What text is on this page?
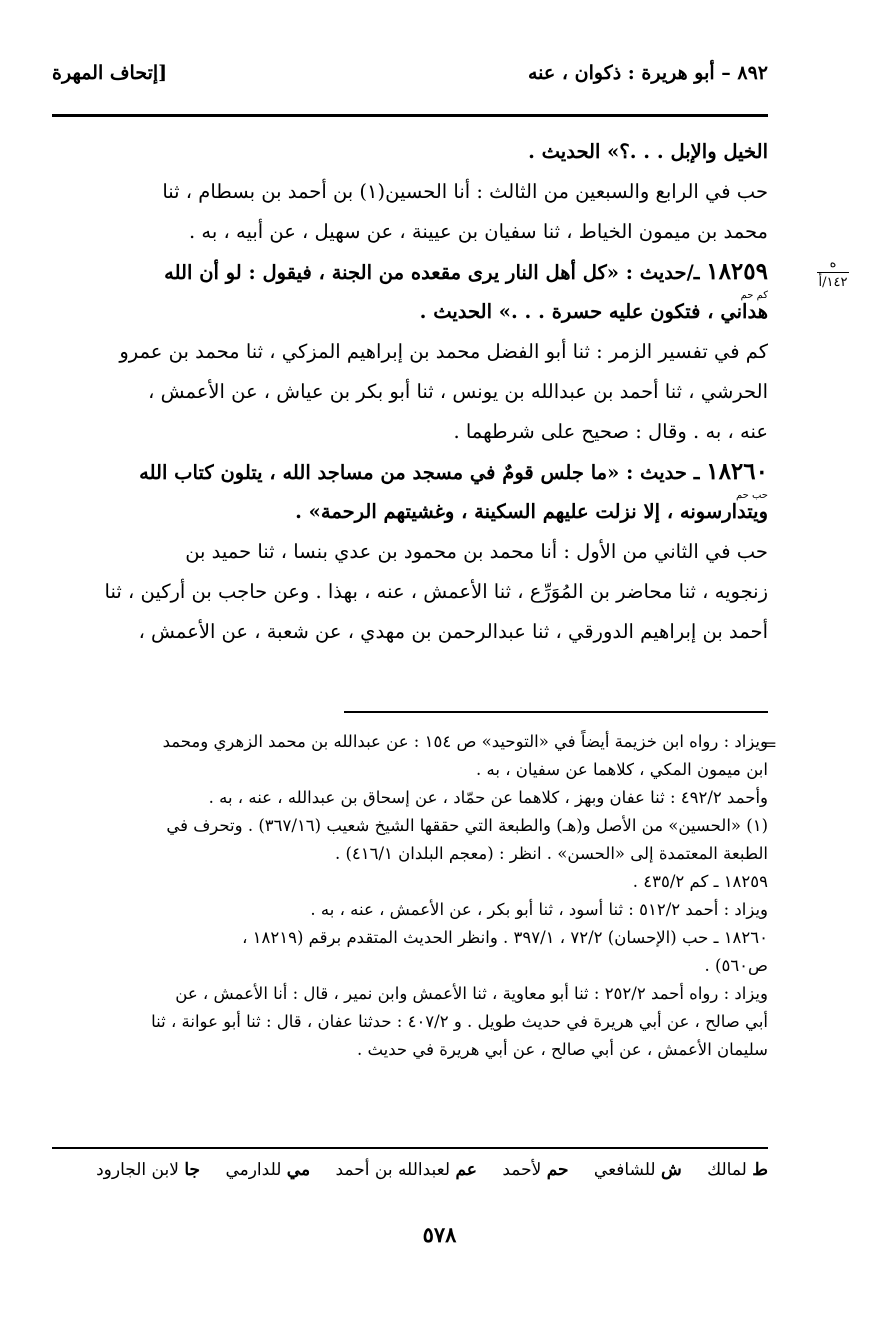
٨٩٢ – أبو هريرة : ذكوان ، عنه
[إتحاف المهرة
ه
١٤٢/أ
الخيل والإبل . . .؟» الحديث .
حب في الرابع والسبعين من الثالث : أنا الحسين(١) بن أحمد بن بسطام ، ثنا
محمد بن ميمون الخياط ، ثنا سفيان بن عيينة ، عن سهيل ، عن أبيه ، به .
١٨٢٥٩ ـ/حديث : «كل أهل النار يرى مقعده من الجنة ، فيقول : لو أن الله
كم حم
هداني ، فتكون عليه حسرة . . .» الحديث .
كم في تفسير الزمر : ثنا أبو الفضل محمد بن إبراهيم المزكي ، ثنا محمد بن عمرو
الحرشي ، ثنا أحمد بن عبدالله بن يونس ، ثنا أبو بكر بن عياش ، عن الأعمش ،
عنه ، به . وقال : صحيح على شرطهما .
١٨٢٦٠ ـ حديث : «ما جلس قومٌ في مسجد من مساجد الله ، يتلون كتاب الله
حب حم
ويتدارسونه ، إلا نزلت عليهم السكينة ، وغشيتهم الرحمة» .
حب في الثاني من الأول : أنا محمد بن محمود بن عدي بنسا ، ثنا حميد بن
زنجويه ، ثنا محاضر بن المُوَرِّع ، ثنا الأعمش ، عنه ، بهذا . وعن حاجب بن أركين ، ثنا
أحمد بن إبراهيم الدورقي ، ثنا عبدالرحمن بن مهدي ، عن شعبة ، عن الأعمش ،
=
ويزاد : رواه ابن خزيمة أيضاً في «التوحيد» ص ١٥٤ : عن عبدالله بن محمد الزهري ومحمد
ابن ميمون المكي ، كلاهما عن سفيان ، به .
وأحمد ٤٩٢/٢ : ثنا عفان وبهز ، كلاهما عن حمّاد ، عن إسحاق بن عبدالله ، عنه ، به .
(١) «الحسين» من الأصل و(هـ) والطبعة التي حققها الشيخ شعيب (٣٦٧/١٦) . وتحرف في
الطبعة المعتمدة إلى «الحسن» . انظر : (معجم البلدان ٤١٦/١) .
١٨٢٥٩ ـ كم ٤٣٥/٢ .
ويزاد : أحمد ٥١٢/٢ : ثنا أسود ، ثنا أبو بكر ، عن الأعمش ، عنه ، به .
١٨٢٦٠ ـ حب (الإحسان) ٧٢/٢ ، ٣٩٧/١ . وانظر الحديث المتقدم برقم (١٨٢١٩ ،
ص٥٦٠) .
ويزاد : رواه أحمد ٢٥٢/٢ : ثنا أبو معاوية ، ثنا الأعمش وابن نمير ، قال : أنا الأعمش ، عن
أبي صالح ، عن أبي هريرة في حديث طويل . و ٤٠٧/٢ : حدثنا عفان ، قال : ثنا أبو عوانة ، ثنا
سليمان الأعمش ، عن أبي صالح ، عن أبي هريرة في حديث .
ط لمالك ش للشافعي حم لأحمد عم لعبدالله بن أحمد مي للدارمي جا لابن الجارود
٥٧٨
